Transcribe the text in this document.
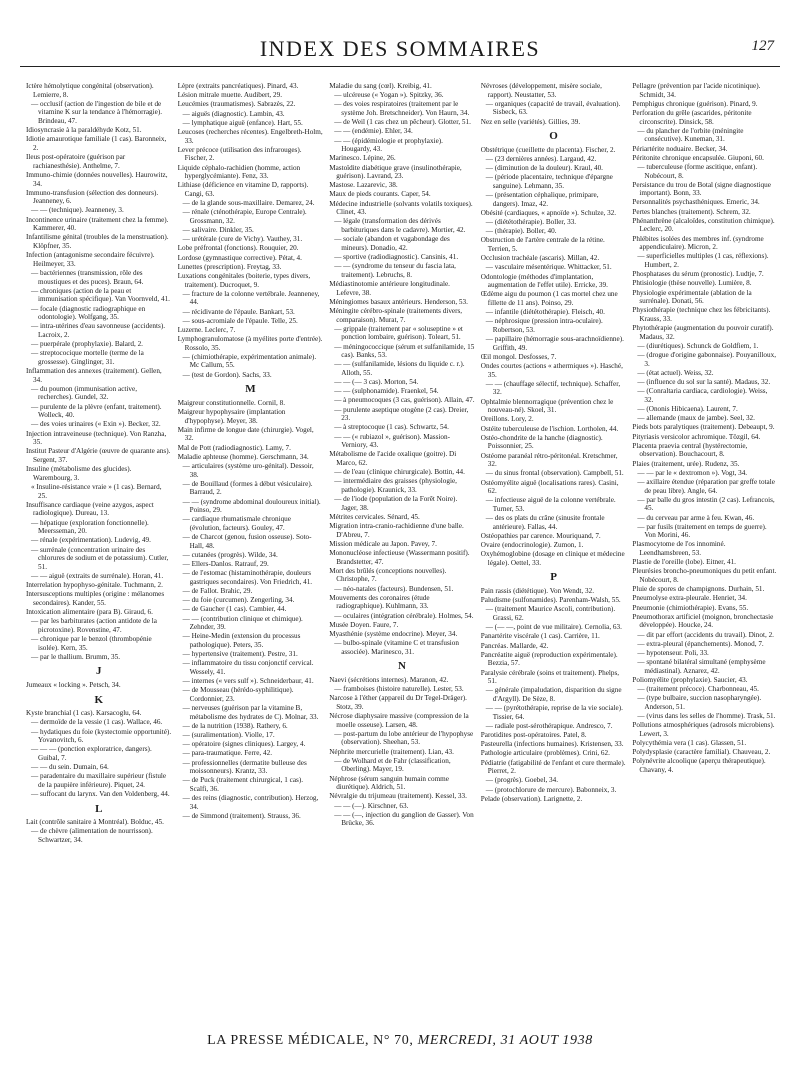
INDEX DES SOMMAIRES	127

Ictère hémolytique congénital (observation). Lemierre, 8.

— occlusif (action de l'ingestion de bile et de vitamine K sur la tendance à l'hémorragie). Brindeau, 47.

Idiosyncrasie à la paraldéhyde Kotz, 51.

Idiotie amaurotique familiale (1 cas). Baronneix, 2.

Ileus post-opératoire (guérison par rachianesthésie). Anthelme, 7.

Immuno-chimie (données nouvelles). Haurowitz, 34.

Immuno-transfusion (sélection des donneurs). Jeanneney, 6.

— — (technique). Jeanneney, 3.

Incontinence urinaire (traitement chez la femme). Kammerer, 40.

Infantilisme génital (troubles de la menstruation). Klöpfner, 35.

Infection (antagonisme secondaire fécuivre). Heilmeyer, 33.

— bactériennes (transmission, rôle des moustiques et des puces). Braun, 64.

— chroniques (action de la peau et immunisation spécifique). Van Voornveld, 41.

— focale (diagnostic radiographique en odontologie). Wolfgang, 35.

— intra-utérines d'eau savonneuse (accidents). Lacroix, 2.

— puerpérale (prophylaxie). Balard, 2.

— streptococique mortelle (terme de la grossesse). Ginglinger, 31.

Inflammation des annexes (traitement). Gellen, 34.

— du poumon (immunisation active, recherches). Gundel, 32.

— purulente de la plèvre (enfant, traitement). Wolleck, 40.

— des voies urinaires (« Exin »). Becker, 32.

Injection intraveineuse (technique). Von Ranzha, 35.

Institut Pasteur d'Algérie (œuvre de quarante ans). Sergent, 37.

Insuline (métabolisme des glucides). Warembourg, 3.

« Insuline-résistance vraie » (1 cas). Bernard, 25.

Insuffisance cardiaque (veine azygos, aspect radiologique). Dureau, 13.

— hépatique (exploration fonctionnelle). Meersseman, 20.

— rénale (expérimentation). Ludevig, 49.

— surrénale (concentration urinaire des chlorures de sodium et de potassium). Cutler, 51.

— — aiguë (extraits de surrénale). Horan, 41.

Interrelation hypophyso-génitale. Tuchmann, 2.

Intersusceptions multiples (origine : mélanomes secondaires). Kander, 55.

Intoxication alimentaire (para B). Giraud, 6.

— par les barbiturates (action antidote de la picrotoxine). Rovenstine, 47.

— chronique par le benzol (thrombopénie isolée). Kern, 35.

— par le thallium. Brumm, 35.

J

Jumeaux « locking ». Petsch, 34.

K

Kyste branchial (1 cas). Karsacoglu, 64.

— dermoïde de la vessie (1 cas). Wallace, 46.

— hydatiques du foie (kystectomie opportunité). Yovanovitch, 6.

— — — (ponction exploratrice, dangers). Guibal, 7.

— — du sein. Dumain, 64.

— paradentaire du maxillaire supérieur (fistule de la paupière inférieure). Piquet, 24.

— suffocant du larynx. Van den Voldenberg, 44.

L

Lait (contrôle sanitaire à Montréal). Bolduc, 45.

— de chèvre (alimentation de nourrisson). Schwartzer, 34.

Lèpre (extraits pancréatiques). Pinard, 43.

Lésion mitrale muette. Audibert, 29.

Leucémies (traumatismes). Sabrazès, 22.

— aiguës (diagnostic). Lambin, 43.

— lymphatique aiguë (enfance). Hart, 55.

Leucoses (recherches récentes). Engelbreth-Holm, 33.

Lever précoce (utilisation des infrarouges). Fischer, 2.

Liquide céphalo-rachidien (homme, action hyperglycémiante). Fenz, 33.

Lithiase (déficience en vitamine D, rapports). Cangi, 63.

— de la glande sous-maxillaire. Demarez, 24.

— rénale (cténothérapie, Europe Centrale). Grossmann, 32.

— salivaire. Dinkler, 35.

— urétérale (cure de Vichy). Vauthey, 31.

Lobe préfrontal (fonctions). Rouquier, 20.

Lordose (gymnastique corrective). Pétat, 4.

Lunettes (prescription). Freytag, 33.

Luxations congénitales (boiterie, types divers, traitement). Ducroquet, 9.

— fracture de la colonne vertébrale. Jeanneney, 44.

— récidivante de l'épaule. Bankart, 53.

— sous-acromiale de l'épaule. Telle, 25.

Luzerne. Leclerc, 7.

Lymphogranulomatose (à myélites porte d'entrée). Rossolo, 35.

— (chimiothérapie, expérimentation animale). Mc Callum, 55.

— (test de Gordon). Sachs, 33.

M

Maigreur constitutionnelle. Cornil, 8.

Maigreur hypophysaire (implantation d'hypophyse). Meyer, 38.

Main infirme de longue date (chirurgie). Vogel, 32.

Mal de Pott (radiodiagnostic). Lamy, 7.

Maladie aphteuse (homme). Gerschmann, 34.

— articulaires (système uro-génital). Dessoir, 38.

— de Bouillaud (formes à début vésiculaire). Barraud, 2.

— — (syndrome abdominal douloureux initial). Poinso, 29.

— cardiaque rhumatismale chronique (évolution, facteurs). Gouley, 47.

— de Charcot (genou, fusion osseuse). Soto-Hall, 48.

— cutanées (progrès). Wilde, 34.

— Ellers-Danlos. Ratrauf, 29.

— de l'estomac (histaminothérapie, douleurs gastriques secondaires). Von Friedrich, 41.

— de Fallot. Brahic, 29.

— du foie (curcumen). Zengerling, 34.

— de Gaucher (1 cas). Cambier, 44.

— — (contribution clinique et chimique). Zehnder, 39.

— Heine-Medin (extension du processus pathologique). Peters, 35.

— hypertensive (traitement). Pestre, 31.

— inflammatoire du tissu conjonctif cervical. Wessely, 41.

— internes (« vers sulf »). Schneiderbaur, 41.

— de Mousseau (hérédo-syphilitique). Cordonnier, 23.

— nerveuses (guérison par la vitamine B, métabolisme des hydrates de C). Molnar, 33.

— de la nutrition (1938). Rathery, 6.

— (suralimentation). Violle, 17.

— opératoire (signes cliniques). Largey, 4.

— para-traumatique. Ferre, 42.

— professionnelles (dermatite bulleuse des moissonneurs). Krantz, 33.

— de Puck (traitement chirurgical, 1 cas). Scalfi, 36.

— des reins (diagnostic, contribution). Herzog, 34.

— de Simmond (traitement). Strauss, 36.

Maladie du sang (cœl). Kreibig, 41.

— ulcéreuse (« Yogan »). Spitzky, 36.

— des voies respiratoires (traitement par le système Joh. Bretschneider). Von Haurn, 34.

— de Weil (1 cas chez un pêcheur). Glotter, 51.

— — (endémie). Ehler, 34.

— — (épidémiologie et prophylaxie). Hougardy, 43.

Marinesco. Lépine, 26.

Mastoïdite diabétique grave (insulinothérapie, guérison). Lavrand, 23.

Mastose. Lazarevic, 38.

Maux de pieds courants. Caper, 54.

Médecine industrielle (solvants volatils toxiques). Clinet, 43.

— légale (transformation des dérivés barbituriques dans le cadavre). Mortier, 42.

— sociale (abandon et vagabondage des mineurs). Donadio, 42.

— sportive (radiodiagnostic). Cansinis, 41.

— — (syndrome du tenseur du fascia lata, traitement). Lebruchs, 8.

Médiastinotomie antérieure longitudinale. Lefevre, 38.

Méningiomes basaux antérieurs. Henderson, 53.

Méningite cérébro-spinale (traitements divers, comparaison). Murat, 7.

— grippale (traitement par « soluseptine » et ponction lombaire, guérison). Toleart, 51.

— méningococcique (sérum et sulfanilamide, 15 cas). Banks, 53.

— — (sulfanilamide, lésions du liquide c. r.). Alloth, 55.

— — (— 3 cas). Morton, 54.

— — (sulphonamide). Fraenkel, 54.

— à pneumocoques (3 cas, guérison). Allain, 47.

— purulente aseptique otogène (2 cas). Dreier, 23.

— à streptocoque (1 cas). Schwartz, 54.

— — (« rubiazol », guérison). Massion-Verniory, 43.

Métabolisme de l'acide oxalique (goitre). Di Marco, 62.

— de l'eau (clinique chirurgicale). Bottin, 44.

— intermédiaire des graisses (physiologie, pathologie). Kraunick, 33.

— de l'iode (population de la Forêt Noire). Jager, 38.

Métrites cervicales. Sénard, 45.

Migration intra-cranio-rachidienne d'une balle. D'Abreu, 7.

Mission médicale au Japon. Pavey, 7.

Mononucléose infectieuse (Wassermann positif). Brandstetter, 47.

Mort des brûlés (conceptions nouvelles). Christophe, 7.

— néo-natales (facteurs). Bundensen, 51.

Mouvements des coronaires (étude radiographique). Kuhlmann, 33.

— oculaires (intégration cérébrale). Holmes, 54.

Musée Doyen. Faure, 7.

Myasthénie (système endocrine). Meyer, 34.

— bulbo-spinale (vitamine C et transfusion associée). Marinesco, 31.

N

Naevi (sécrétions internes). Maranon, 42.

— framboises (histoire naturelle). Lester, 53.

Narcose à l'éther (appareil du Dr Tegel-Dräger). Stotz, 39.

Nécrose diaphysaire massive (compression de la moelle osseuse). Larsen, 48.

— post-partum du lobe antérieur de l'hypophyse (observation). Sheehan, 53.

Néphrite mercurielle (traitement). Lian, 43.

— de Wolhard et de Fahr (classification, Oberling). Mayer, 19.

Néphrose (sérum sanguin humain comme diurétique). Aldrich, 51.

Névralgie du trijumeau (traitement). Kessel, 33.

— — (—). Kirschner, 63.

— — (—, injection du ganglion de Gasser). Von Brücke, 36.

Névroses (développement, misère sociale, rapport). Neustatter, 53.

— organiques (capacité de travail, évaluation). Sisbeck, 63.

Nez en selle (variétés). Gillies, 39.

O

Obstétrique (cueillette du placenta). Fischer, 2.

— (23 dernières années). Largaud, 42.

— (diminution de la douleur). Kraul, 40.

— (période placentaire, technique d'épargne sanguine). Lehmann, 35.

— (présentation céphalique, primipare, dangers). Imaz, 42.

Obésité (cardiaques, « apnoïde »). Schulze, 32.

— (diététothérapie). Boller, 33.

— (thérapie). Boller, 40.

Obstruction de l'artère centrale de la rétine. Terrien, 5.

Occlusion trachéale (ascaris). Millan, 42.

— vasculaire mésentérique. Whittacker, 51.

Odontologie (méthodes d'implantation, augmentation de l'effet utile). Erricke, 39.

Œdème aigu du poumon (1 cas mortel chez une fillette de 11 ans). Poinso, 29.

— infantile (diététothérapie). Fleisch, 40.

— néphrosique (pression intra-oculaire). Robertson, 53.

— papillaire (hémorragie sous-arachnoïdienne). Griffith, 49.

Œil mongol. Desfosses, 7.

Ondes courtes (actions « athermiques »). Hasché, 35.

— — (chauffage sélectif, technique). Schaffer, 32.

Ophtalmie blennorragique (prévention chez le nouveau-né). Skoel, 31.

Oreillons. Lory, 2.

Ostéite tuberculeuse de l'ischion. Lortholen, 44.

Ostéo-chondrite de la hanche (diagnostic). Poissonnier, 25.

Ostéome paranéal rétro-péritonéal. Kretschmer, 32.

— du sinus frontal (observation). Campbell, 51.

Ostéomyélite aiguë (localisations rares). Casini, 62.

— infectieuse aiguë de la colonne vertébrale. Turner, 53.

— des os plats du crâne (sinusite frontale antérieure). Fallas, 44.

Ostéopathies par carence. Mouriquand, 7.

Ovaire (endocrinologie). Zumon, 1.

Oxyhémoglobine (dosage en clinique et médecine légale). Oettel, 33.

P

Pain rassis (diététique). Von Wendt, 32.

Paludisme (sulfonamides). Parenham-Walsh, 55.

— (traitement Maurice Ascoli, contribution). Grassi, 62.

— (— —, point de vue militaire). Cernolia, 63.

Panartérite viscérale (1 cas). Carrière, 11.

Pancréas. Mallarde, 42.

Pancréatite aiguë (reproduction expérimentale). Bezzia, 57.

Paralysie cérébrale (soins et traitement). Phelps, 51.

— générale (impaludation, disparition du signe d'Argyll). De Sèze, 8.

— — (pyrétothérapie, reprise de la vie sociale). Tissier, 64.

— radiale post-sérothérapique. Andresco, 7.

Parotidites post-opératoires. Patel, 8.

Pasteurella (infections humaines). Kristensen, 33.

Pathologie articulaire (problèmes). Crini, 62.

Pédiatrie (fatigabilité de l'enfant et cure thermale). Pierret, 2.

— (progrès). Goebel, 34.

— (protochlorure de mercure). Babonneix, 3.

Pelade (observation). Larignette, 2.

Pellagre (prévention par l'acide nicotinique). Schmidt, 34.

Pemphigus chronique (guérison). Pinard, 9.

Perforation du grêle (ascarides, péritonite circonscrite). Dinsick, 58.

— du plancher de l'orbite (méningite consécutive). Kuneman, 31.

Périartérite noduaire. Becker, 34.

Péritonite chronique encapsulée. Giuponi, 60.

— tuberculeuse (forme ascitique, enfant). Nobécourt, 8.

Persistance du trou de Botal (signe diagnostique important). Bonn, 33.

Personnalités psychasthéniques. Emeric, 34.

Pertes blanches (traitement). Schrem, 32.

Phénanthrène (alcaloïdes, constitution chimique). Leclerc, 20.

Phlébites isolées des membres inf. (syndrome appendiculaire). Micron, 2.

— superficielles multiples (1 cas, réflexions). Humbert, 2.

Phosphatases du sérum (pronostic). Ludtje, 7.

Phtisiologie (thèse nouvelle). Lumière, 8.

Physiologie expérimentale (ablation de la surrénale). Donati, 56.

Physiothérapie (technique chez les fébricitants). Krauss, 33.

Phytothérapie (augmentation du pouvoir curatif). Madaus, 32.

— (diurétiques). Schunck de Goldfiem, 1.

— (drogue d'origine gabonnaise). Pouyanilloux, 3.

— (état actuel). Weiss, 32.

— (influence du sol sur la santé). Madaus, 32.

— (Conraltaria cardiaca, cardiologie). Weiss, 32.

— (Ononis Hibicaena). Laurent, 7.

— allemande (maux de jambe). Seel, 32.

Pieds bots paralytiques (traitement). Debeaupt, 9.

Pityriasis versicolor achromique. Tözgil, 64.

Placenta praevia central (hystérectomie, observation). Bouchacourt, 8.

Plaies (traitement, urée). Rudenz, 35.

— — par le « dextromon »). Vogt, 34.

— axillaire étendue (réparation par greffe totale de peau libre). Angle, 64.

— par balle du gros intestin (2 cas). Lefrancois, 45.

— du cerveau par arme à feu. Kwan, 46.

— par fusils (traitement en temps de guerre). Von Morini, 46.

Plasmocytome de l'os innominé. Leendhamsbreen, 53.

Plastie de l'oreille (lobe). Eitner, 41.

Pleurésies broncho-pneumoniques du petit enfant. Nobécourt, 8.

Pluie de spores de champignons. Durhain, 51.

Pneumolyse extra-pleurale. Henriet, 34.

Pneumonie (chimiothérapie). Evans, 55.

Pneumothorax artificiel (moignon, bronchectasie développée). Houcke, 24.

— dit par effort (accidents du travail). Dinot, 2.

— extra-pleural (épanchements). Monod, 7.

— hypotenseur. Poli, 33.

— spontané bilatéral simultané (emphysème médiastinal). Aznarez, 42.

Poliomyélite (prophylaxie). Saucier, 43.

— (traitement précoce). Charbonneau, 45.

— (type bulbaire, succion nasopharyngée). Anderson, 51.

— (virus dans les selles de l'homme). Trask, 51.

Pollutions atmosphériques (adrosols microbiens). Lewert, 3.

Polycythémia vera (1 cas). Glassen, 51.

Polydysplasie (caractère familial). Chauveau, 2.

Polynévrite alcoolique (aperçu thérapeutique). Chavany, 4.

LA PRESSE MÉDICALE, N° 70, MERCREDI, 31 AOUT 1938
